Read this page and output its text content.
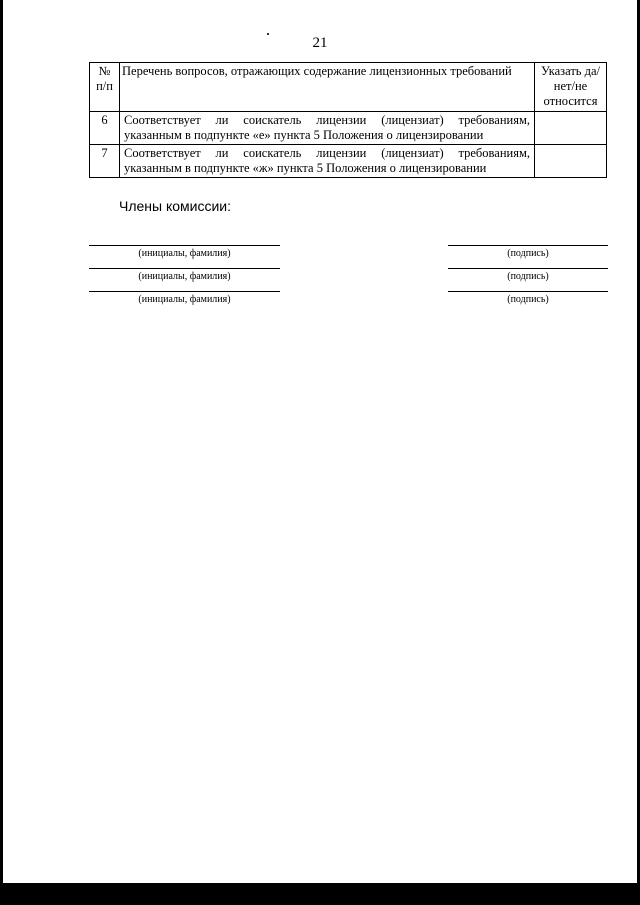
21
№ п/п	Перечень вопросов, отражающих содержание лицензионных требований	Указать да/нет/не относится
6	Соответствует ли соискатель лицензии (лицензиат) требованиям, указанным в подпункте «е» пункта 5 Положения о лицензировании	
7	Соответствует ли соискатель лицензии (лицензиат) требованиям, указанным в подпункте «ж» пункта 5 Положения о лицензировании	
Члены комиссии:
(инициалы, фамилия)	(подпись)
(инициалы, фамилия)	(подпись)
(инициалы, фамилия)	(подпись)
